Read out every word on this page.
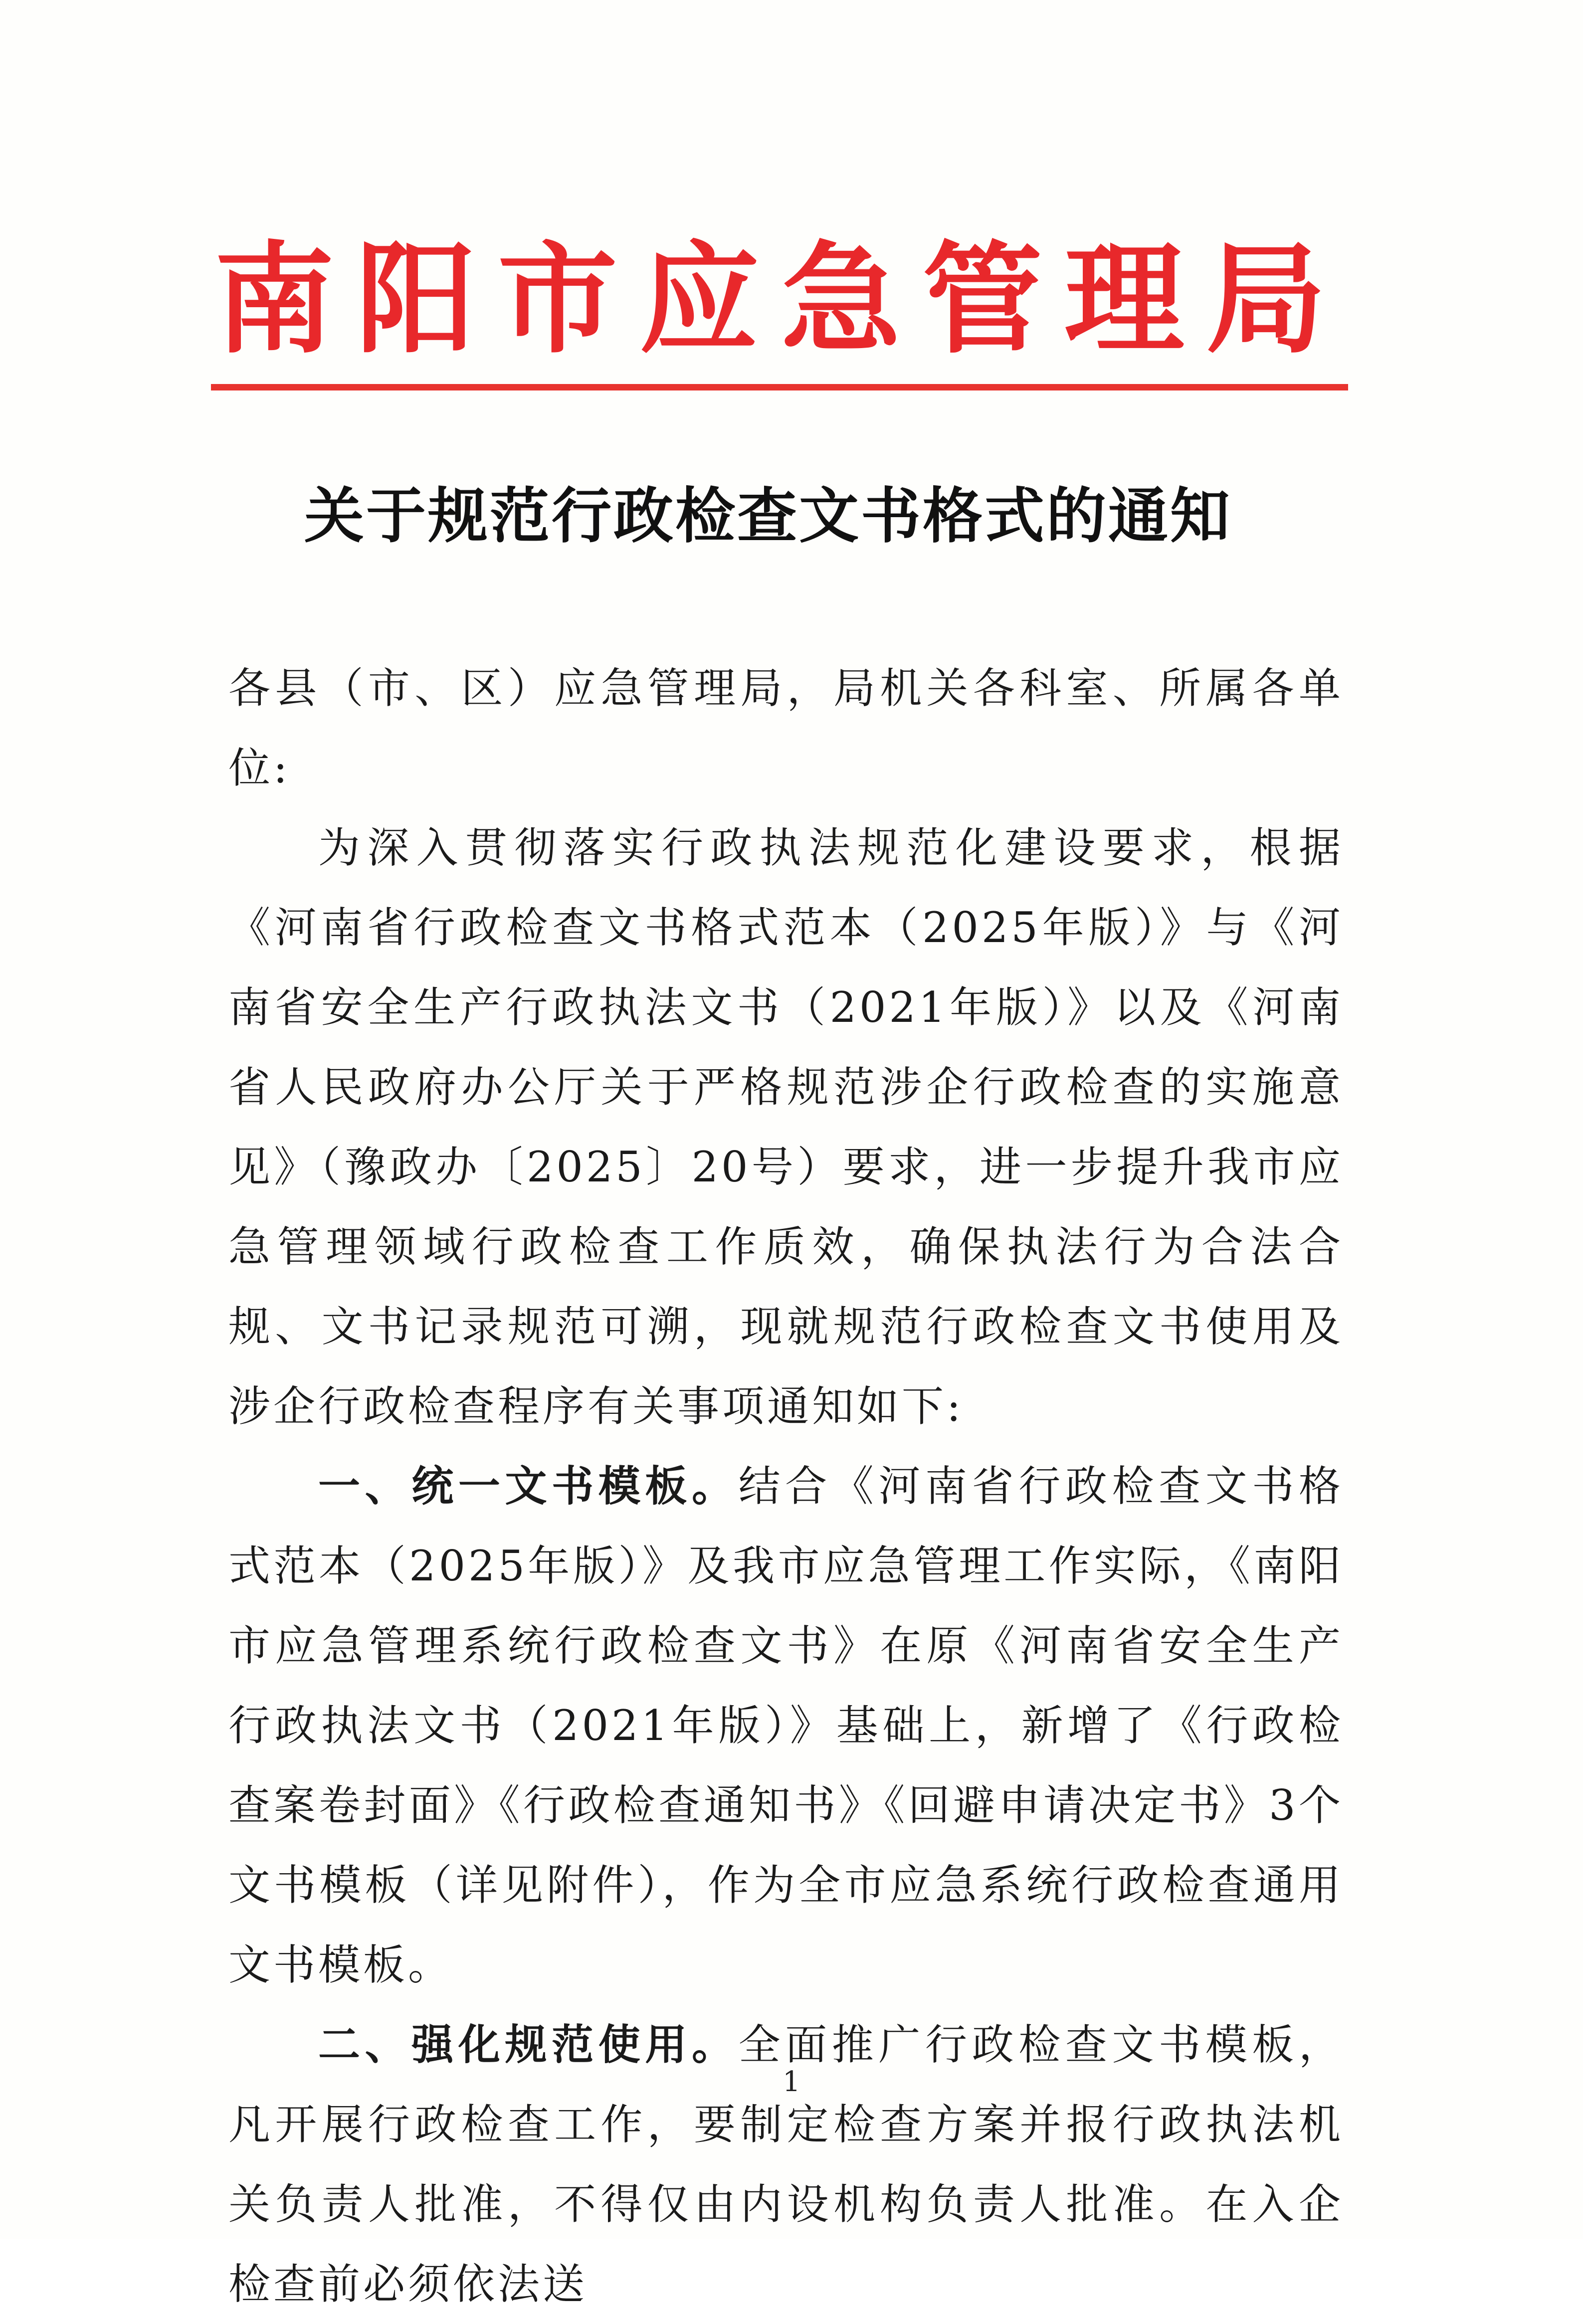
南阳市应急管理局
关于规范行政检查文书格式的通知

各县（市、区）应急管理局，局机关各科室、所属各单位:

为深入贯彻落实行政执法规范化建设要求，根据《河南省行政检查文书格式范本（2025年版）》与《河南省安全生产行政执法文书（2021年版）》以及《河南省人民政府办公厅关于严格规范涉企行政检查的实施意见》（豫政办〔2025〕20号）要求，进一步提升我市应急管理领域行政检查工作质效，确保执法行为合法合规、文书记录规范可溯，现就规范行政检查文书使用及涉企行政检查程序有关事项通知如下:

一、统一文书模板。结合《河南省行政检查文书格式范本（2025年版）》及我市应急管理工作实际，《南阳市应急管理系统行政检查文书》在原《河南省安全生产行政执法文书（2021年版）》基础上，新增了《行政检查案卷封面》《行政检查通知书》《回避申请决定书》3个文书模板（详见附件），作为全市应急系统行政检查通用文书模板。

二、强化规范使用。全面推广行政检查文书模板，凡开展行政检查工作，要制定检查方案并报行政执法机关负责人批准，不得仅由内设机构负责人批准。在入企检查前必须依法送

1
